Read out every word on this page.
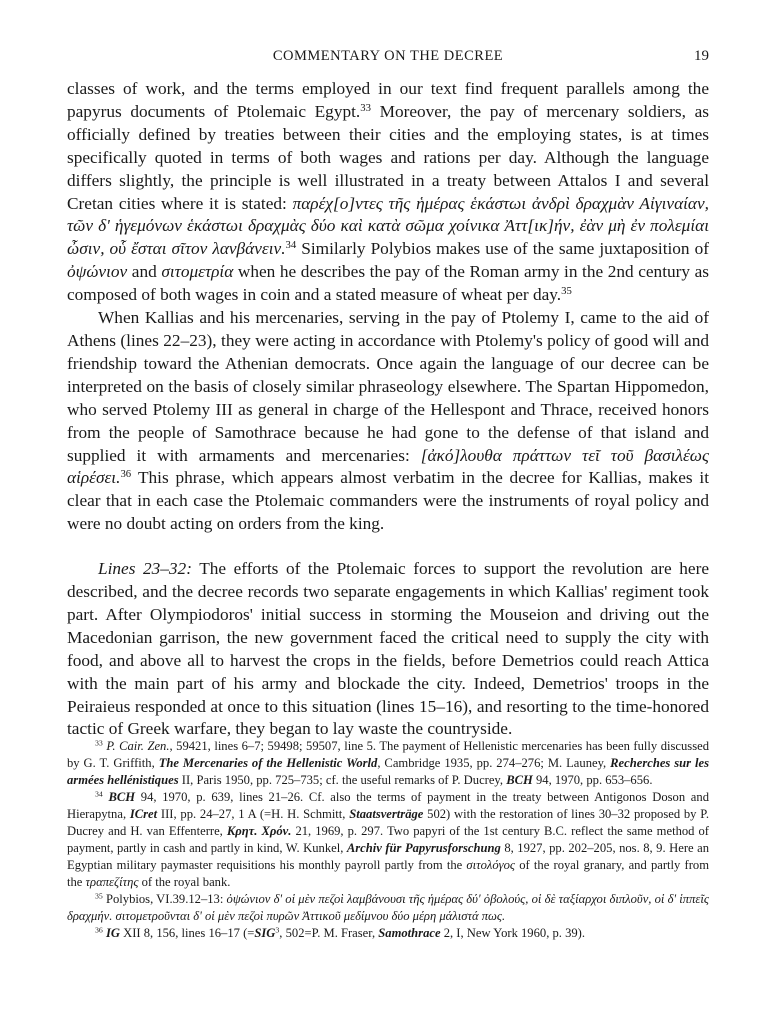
COMMENTARY ON THE DECREE	19

classes of work, and the terms employed in our text find frequent parallels among the papyrus documents of Ptolemaic Egypt.$^{33}$ Moreover, the pay of mercenary soldiers, as officially defined by treaties between their cities and the employing states, is at times specifically quoted in terms of both wages and rations per day. Although the language differs slightly, the principle is well illustrated in a treaty between Attalos I and several Cretan cities where it is stated: παρέχ[ο]ντες τῆς ἡμέρας ἑκάστωι ἀνδρὶ δραχμὰν Αἰγιναίαν, τῶν δ' ἡγεμόνων ἑκάστωι δραχμὰς δύο καὶ κατὰ σῶμα χοίνικα Ἀττ[ικ]ήν, ἐὰν μὴ ἐν πολεμίαι ὦσιν, οὗ ἔσται σῖτον λανβάνειν.$^{34}$ Similarly Polybios makes use of the same juxtaposition of ὀψώνιον and σιτομετρία when he describes the pay of the Roman army in the 2nd century as composed of both wages in coin and a stated measure of wheat per day.$^{35}$

When Kallias and his mercenaries, serving in the pay of Ptolemy I, came to the aid of Athens (lines 22–23), they were acting in accordance with Ptolemy's policy of good will and friendship toward the Athenian democrats. Once again the language of our decree can be interpreted on the basis of closely similar phraseology elsewhere. The Spartan Hippomedon, who served Ptolemy III as general in charge of the Hellespont and Thrace, received honors from the people of Samothrace because he had gone to the defense of that island and supplied it with armaments and mercenaries: [ἀκό]λουθα πράττων τεῖ τοῦ βασιλέως αἱρέσει.$^{36}$ This phrase, which appears almost verbatim in the decree for Kallias, makes it clear that in each case the Ptolemaic commanders were the instruments of royal policy and were no doubt acting on orders from the king.

Lines 23–32: The efforts of the Ptolemaic forces to support the revolution are here described, and the decree records two separate engagements in which Kallias' regiment took part. After Olympiodoros' initial success in storming the Mouseion and driving out the Macedonian garrison, the new government faced the critical need to supply the city with food, and above all to harvest the crops in the fields, before Demetrios could reach Attica with the main part of his army and blockade the city. Indeed, Demetrios' troops in the Peiraieus responded at once to this situation (lines 15–16), and resorting to the time-honored tactic of Greek warfare, they began to lay waste the countryside.

$^{33}$ P. Cair. Zen., 59421, lines 6–7; 59498; 59507, line 5. The payment of Hellenistic mercenaries has been fully discussed by G. T. Griffith, The Mercenaries of the Hellenistic World, Cambridge 1935, pp. 274–276; M. Launey, Recherches sur les armées hellénistiques II, Paris 1950, pp. 725–735; cf. the useful remarks of P. Ducrey, BCH 94, 1970, pp. 653–656.

$^{34}$ BCH 94, 1970, p. 639, lines 21–26. Cf. also the terms of payment in the treaty between Antigonos Doson and Hierapytna, ICret III, pp. 24–27, 1 A (=H. H. Schmitt, Staatsverträge 502) with the restoration of lines 30–32 proposed by P. Ducrey and H. van Effenterre, Κρητ. Χρόν. 21, 1969, p. 297. Two papyri of the 1st century B.C. reflect the same method of payment, partly in cash and partly in kind, W. Kunkel, Archiv für Papyrusforschung 8, 1927, pp. 202–205, nos. 8, 9. Here an Egyptian military paymaster requisitions his monthly payroll partly from the σιτολόγος of the royal granary, and partly from the τραπεζίτης of the royal bank.

$^{35}$ Polybios, VI.39.12–13: ὀψώνιον δ' οἱ μὲν πεζοὶ λαμβάνουσι τῆς ἡμέρας δύ' ὀβολούς, οἱ δὲ ταξίαρχοι διπλοῦν, οἱ δ' ἱππεῖς δραχμήν. σιτομετροῦνται δ' οἱ μὲν πεζοὶ πυρῶν Ἀττικοῦ μεδίμνου δύο μέρη μάλιστά πως.

$^{36}$ IG XII 8, 156, lines 16–17 ($=SIG^3$, 502=P. M. Fraser, Samothrace 2, I, New York 1960, p. 39).
